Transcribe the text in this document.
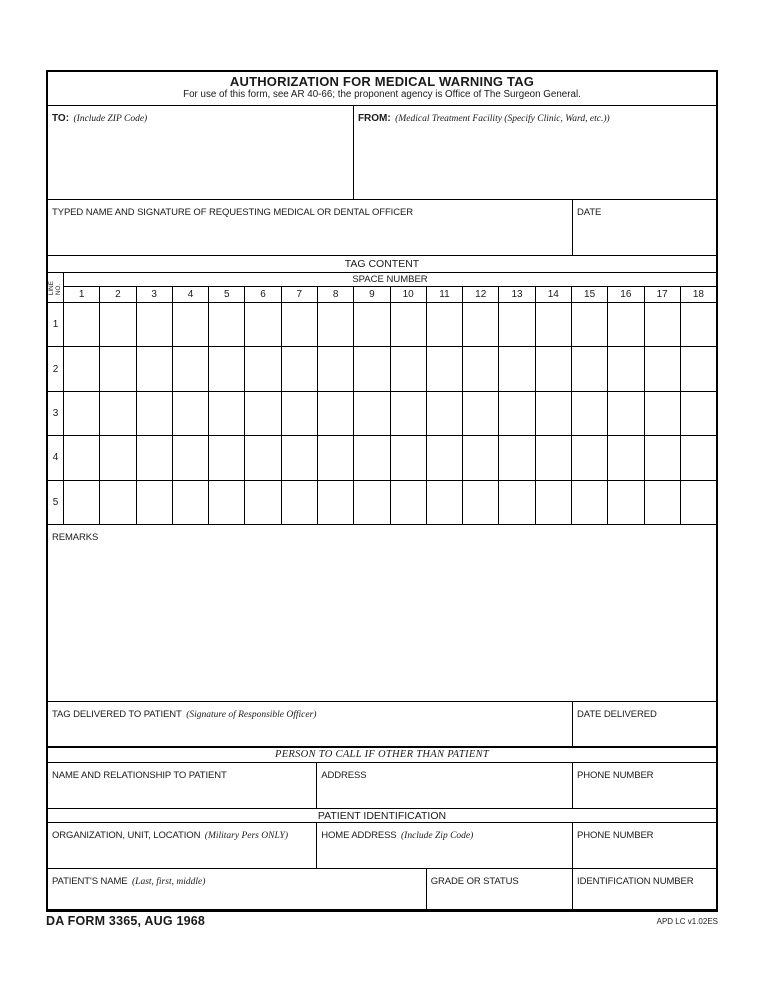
AUTHORIZATION FOR MEDICAL WARNING TAG
For use of this form, see AR 40-66; the proponent agency is Office of The Surgeon General.
TO: (Include ZIP Code)	FROM: (Medical Treatment Facility (Specify Clinic, Ward, etc.))
TYPED NAME AND SIGNATURE OF REQUESTING MEDICAL OR DENTAL OFFICER	DATE
TAG CONTENT
LINE NO.
SPACE NUMBER
1	2	3	4	5	6	7	8	9	10	11	12	13	14	15	16	17	18
1
2
3
4
5
REMARKS
TAG DELIVERED TO PATIENT (Signature of Responsible Officer)	DATE DELIVERED
PERSON TO CALL IF OTHER THAN PATIENT
NAME AND RELATIONSHIP TO PATIENT	ADDRESS	PHONE NUMBER
PATIENT IDENTIFICATION
ORGANIZATION, UNIT, LOCATION (Military Pers ONLY)	HOME ADDRESS (Include Zip Code)	PHONE NUMBER
PATIENT'S NAME (Last, first, middle)	GRADE OR STATUS	IDENTIFICATION NUMBER
DA FORM 3365, AUG 1968	APD LC v1.02ES
